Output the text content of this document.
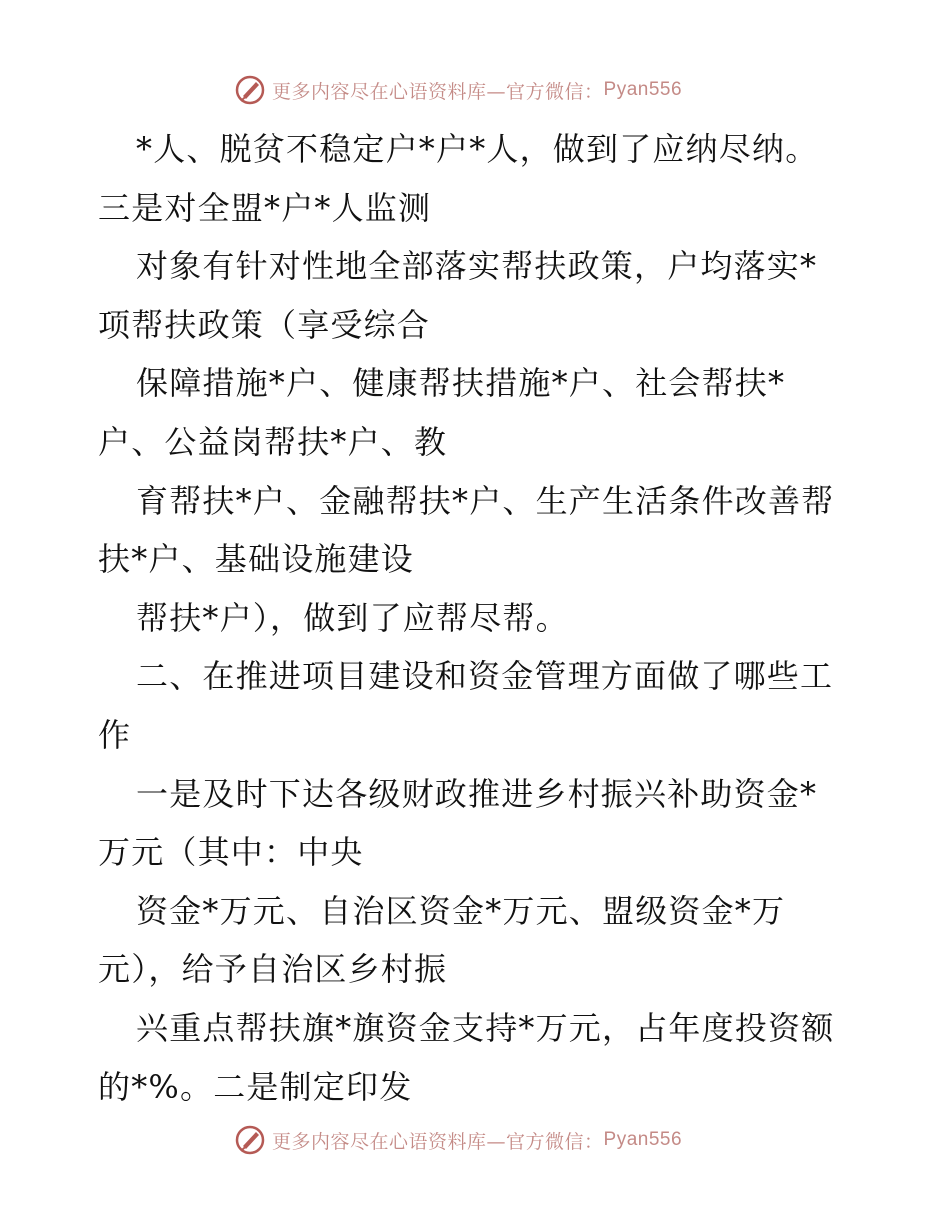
更多内容尽在心语资料库—官方微信： Pyan556
*人、脱贫不稳定户*户*人，做到了应纳尽纳。
三是对全盟*户*人监测
对象有针对性地全部落实帮扶政策，户均落实*
项帮扶政策（享受综合
保障措施*户、健康帮扶措施*户、社会帮扶*
户、公益岗帮扶*户、教
育帮扶*户、金融帮扶*户、生产生活条件改善帮
扶*户、基础设施建设
帮扶*户），做到了应帮尽帮。
二、在推进项目建设和资金管理方面做了哪些工
作
一是及时下达各级财政推进乡村振兴补助资金*
万元（其中：中央
资金*万元、自治区资金*万元、盟级资金*万
元），给予自治区乡村振
兴重点帮扶旗*旗资金支持*万元，占年度投资额
的*%。二是制定印发
更多内容尽在心语资料库—官方微信： Pyan556
